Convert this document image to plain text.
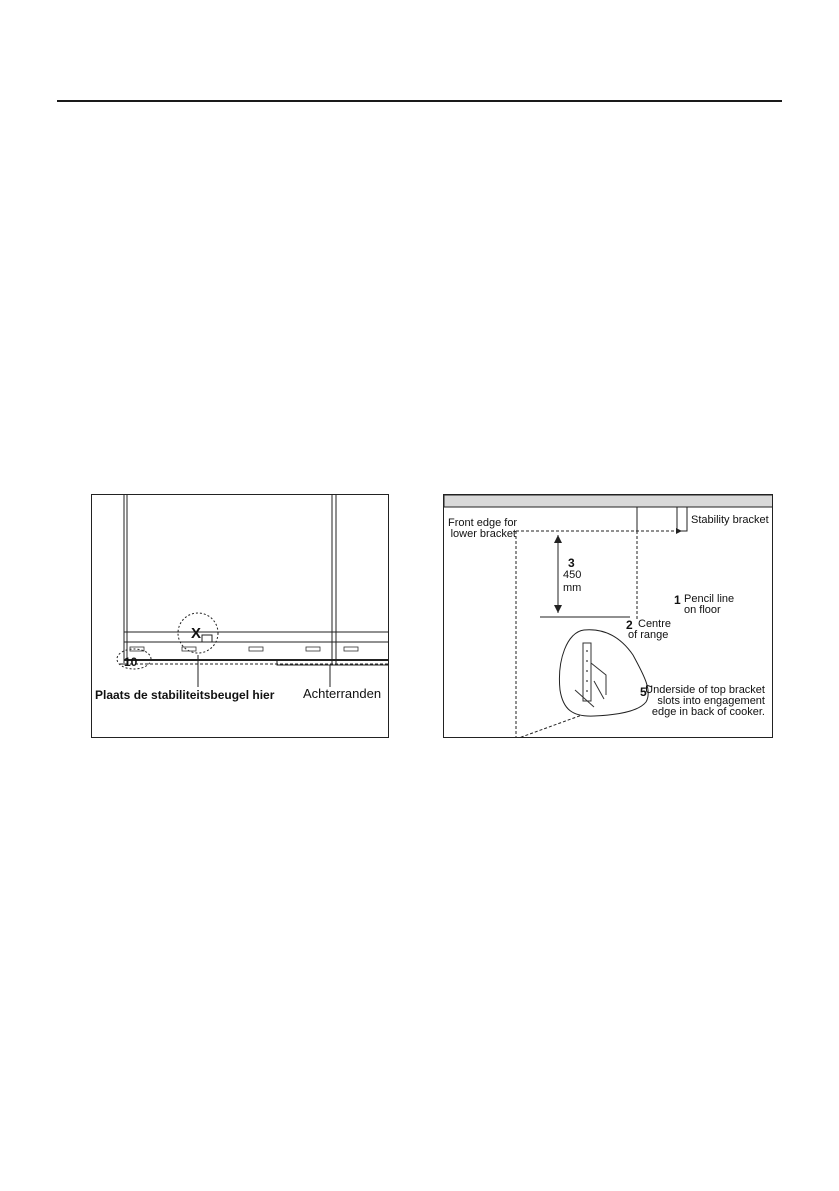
X
10
Plaats de stabiliteitsbeugel hier Achterranden
Front edge for
lower bracket
Stability bracket
3
450
mm
1 Pencil line
on floor
2 Centre
of range
5
Underside of top bracket
slots into engagement
edge in back of cooker.
